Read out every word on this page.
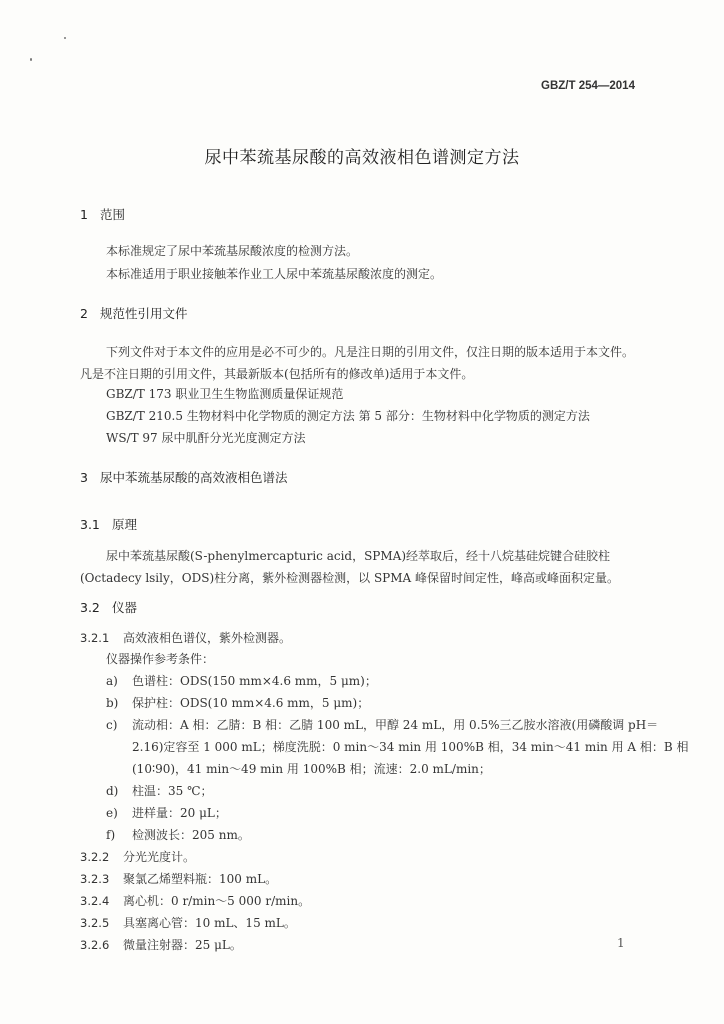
GBZ/T 254—2014
尿中苯巯基尿酸的高效液相色谱测定方法
1 范围
本标准规定了尿中苯巯基尿酸浓度的检测方法。
本标准适用于职业接触苯作业工人尿中苯巯基尿酸浓度的测定。
2 规范性引用文件
下列文件对于本文件的应用是必不可少的。凡是注日期的引用文件，仅注日期的版本适用于本文件。凡是不注日期的引用文件，其最新版本(包括所有的修改单)适用于本文件。
GBZ/T 173 职业卫生生物监测质量保证规范
GBZ/T 210.5 生物材料中化学物质的测定方法 第 5 部分：生物材料中化学物质的测定方法
WS/T 97 尿中肌酐分光光度测定方法
3 尿中苯巯基尿酸的高效液相色谱法
3.1 原理
尿中苯巯基尿酸(S-phenylmercapturic acid，SPMA)经萃取后，经十八烷基硅烷键合硅胶柱(Octadecy lsily，ODS)柱分离，紫外检测器检测，以 SPMA 峰保留时间定性，峰高或峰面积定量。
3.2 仪器
3.2.1 高效液相色谱仪，紫外检测器。
仪器操作参考条件：
a) 色谱柱：ODS(150 mm×4.6 mm，5 μm)；
b) 保护柱：ODS(10 mm×4.6 mm，5 μm)；
c) 流动相：A 相：乙腈：B 相：乙腈 100 mL，甲醇 24 mL，用 0.5%三乙胺水溶液(用磷酸调 pH＝
2.16)定容至 1 000 mL；梯度洗脱：0 min～34 min 用 100%B 相，34 min～41 min 用 A 相：B 相
(10∶90)，41 min～49 min 用 100%B 相；流速：2.0 mL/min；
d) 柱温：35 ℃；
e) 进样量：20 μL；
f) 检测波长：205 nm。
3.2.2 分光光度计。
3.2.3 聚氯乙烯塑料瓶：100 mL。
3.2.4 离心机：0 r/min～5 000 r/min。
3.2.5 具塞离心管：10 mL、15 mL。
3.2.6 微量注射器：25 μL。	1
